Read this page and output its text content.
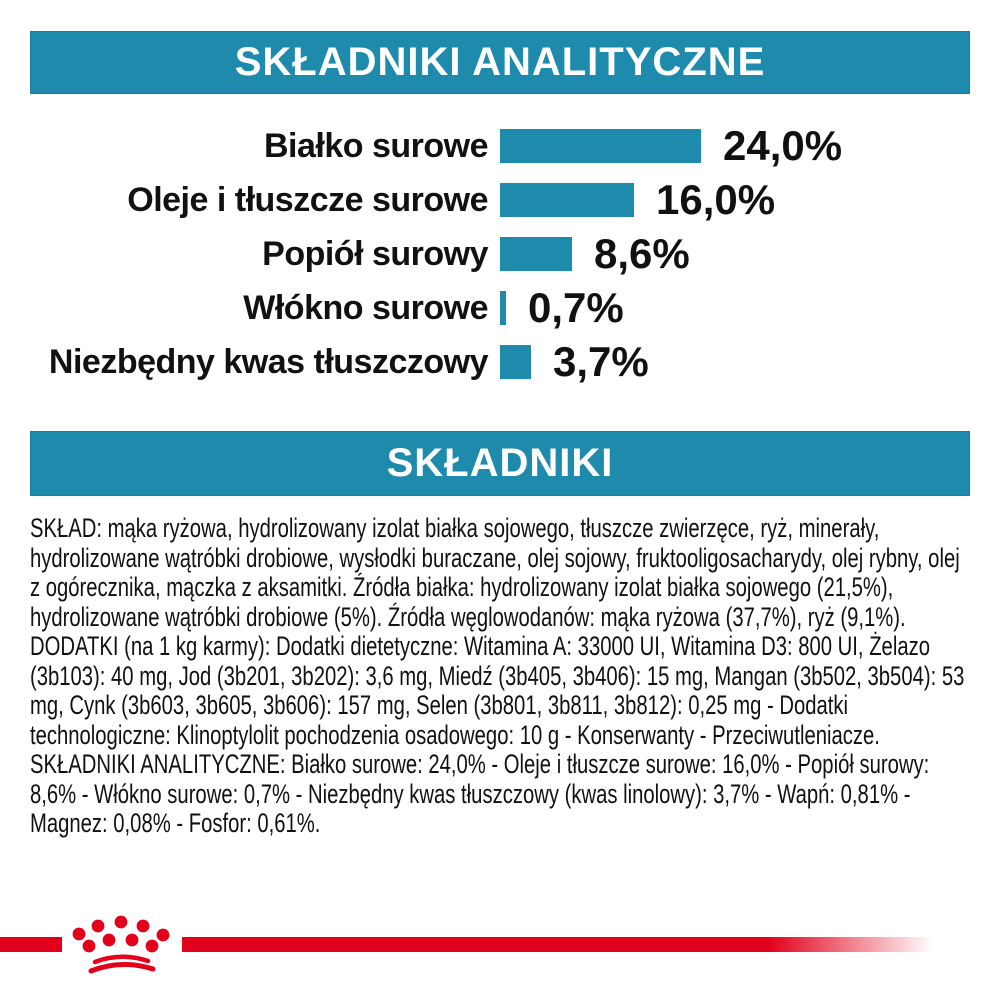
SKŁADNIKI ANALITYCZNE
Białko surowe	24,0%
Oleje i tłuszcze surowe	16,0%
Popiół surowy	8,6%
Włókno surowe 0,7%
Niezbędny kwas tłuszczowy 3,7%
SKŁADNIKI

SKŁAD: mąka ryżowa, hydrolizowany izolat białka sojowego, tłuszcze zwierzęce, ryż, minerały, hydrolizowane wątróbki drobiowe, wysłodki buraczane, olej sojowy, fruktooligosacharydy, olej rybny, olej z ogórecznika, mączka z aksamitki. Źródła białka: hydrolizowany izolat białka sojowego (21,5%), hydrolizowane wątróbki drobiowe (5%). Źródła węglowodanów: mąka ryżowa (37,7%), ryż (9,1%).

DODATKI (na 1 kg karmy): Dodatki dietetyczne: Witamina A: 33000 UI, Witamina D3: 800 UI, Żelazo (3b103): 40 mg, Jod (3b201, 3b202): 3,6 mg, Miedź (3b405, 3b406): 15 mg, Mangan (3b502, 3b504): 53 mg, Cynk (3b603, 3b605, 3b606): 157 mg, Selen (3b801, 3b811, 3b812): 0,25 mg - Dodatki technologiczne: Klinoptylolit pochodzenia osadowego: 10 g - Konserwanty - Przeciwutleniacze.

SKŁADNIKI ANALITYCZNE: Białko surowe: 24,0% - Oleje i tłuszcze surowe: 16,0% - Popiół surowy: 8,6% - Włókno surowe: 0,7% - Niezbędny kwas tłuszczowy (kwas linolowy): 3,7% - Wapń: 0,81% - Magnez: 0,08% - Fosfor: 0,61%.
